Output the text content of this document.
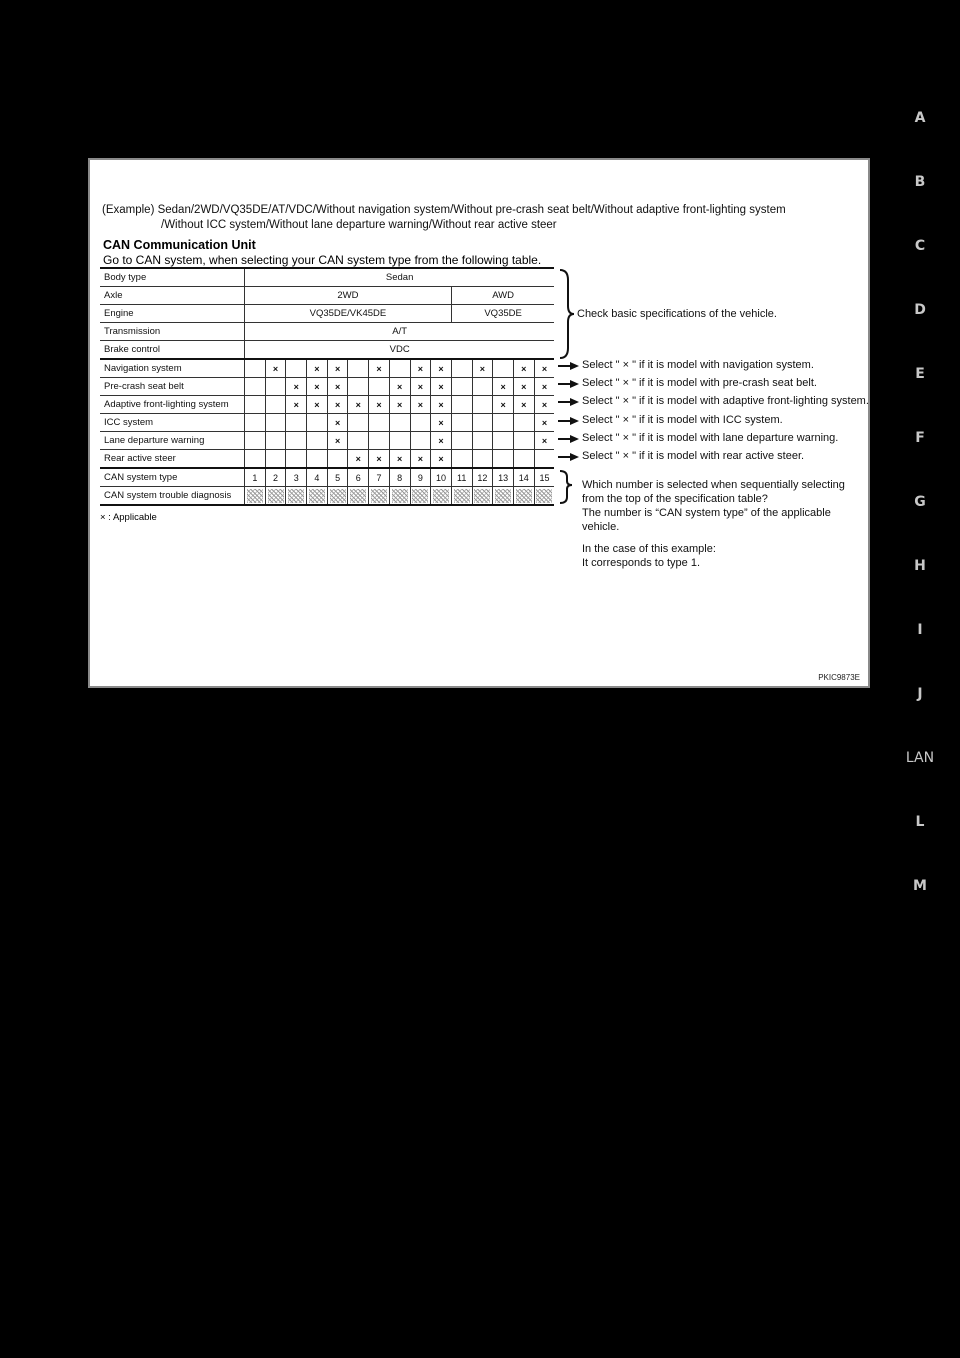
(Example) Sedan/2WD/VQ35DE/AT/VDC/Without navigation system/Without pre-crash seat belt/Without adaptive front-lighting system
/Without ICC system/Without lane departure warning/Without rear active steer
CAN Communication Unit
Go to CAN system, when selecting your CAN system type from the following table.
Body type	Sedan														
Axle	2WD										AWD				
Engine	VQ35DE/VK45DE										VQ35DE				
Transmission	A/T														
Brake control	VDC														
Navigation system		×		×	×		×		×	×		×		×	×
Pre-crash seat belt			×	×	×			×	×	×			×	×	×
Adaptive front-lighting system			×	×	×	×	×	×	×	×			×	×	×
ICC system					×					×					×
Lane departure warning					×					×					×
Rear active steer						×	×	×	×	×					
CAN system type	1	2	3	4	5	6	7	8	9	10	11	12	13	14	15
CAN system trouble diagnosis															
× : Applicable
Check basic specifications of the vehicle.
Select " × " if it is model with navigation system.
Select " × " if it is model with pre-crash seat belt.
Select " × " if it is model with adaptive front-lighting system.
Select " × " if it is model with ICC system.
Select " × " if it is model with lane departure warning.
Select " × " if it is model with rear active steer.
Which number is selected when sequentially selecting
from the top of the specification table?
The number is “CAN system type” of the applicable
vehicle.
In the case of this example:
It corresponds to type 1.
PKIC9873E
A
B
C
D
E
F
G
H
I
J
LAN
L
M
